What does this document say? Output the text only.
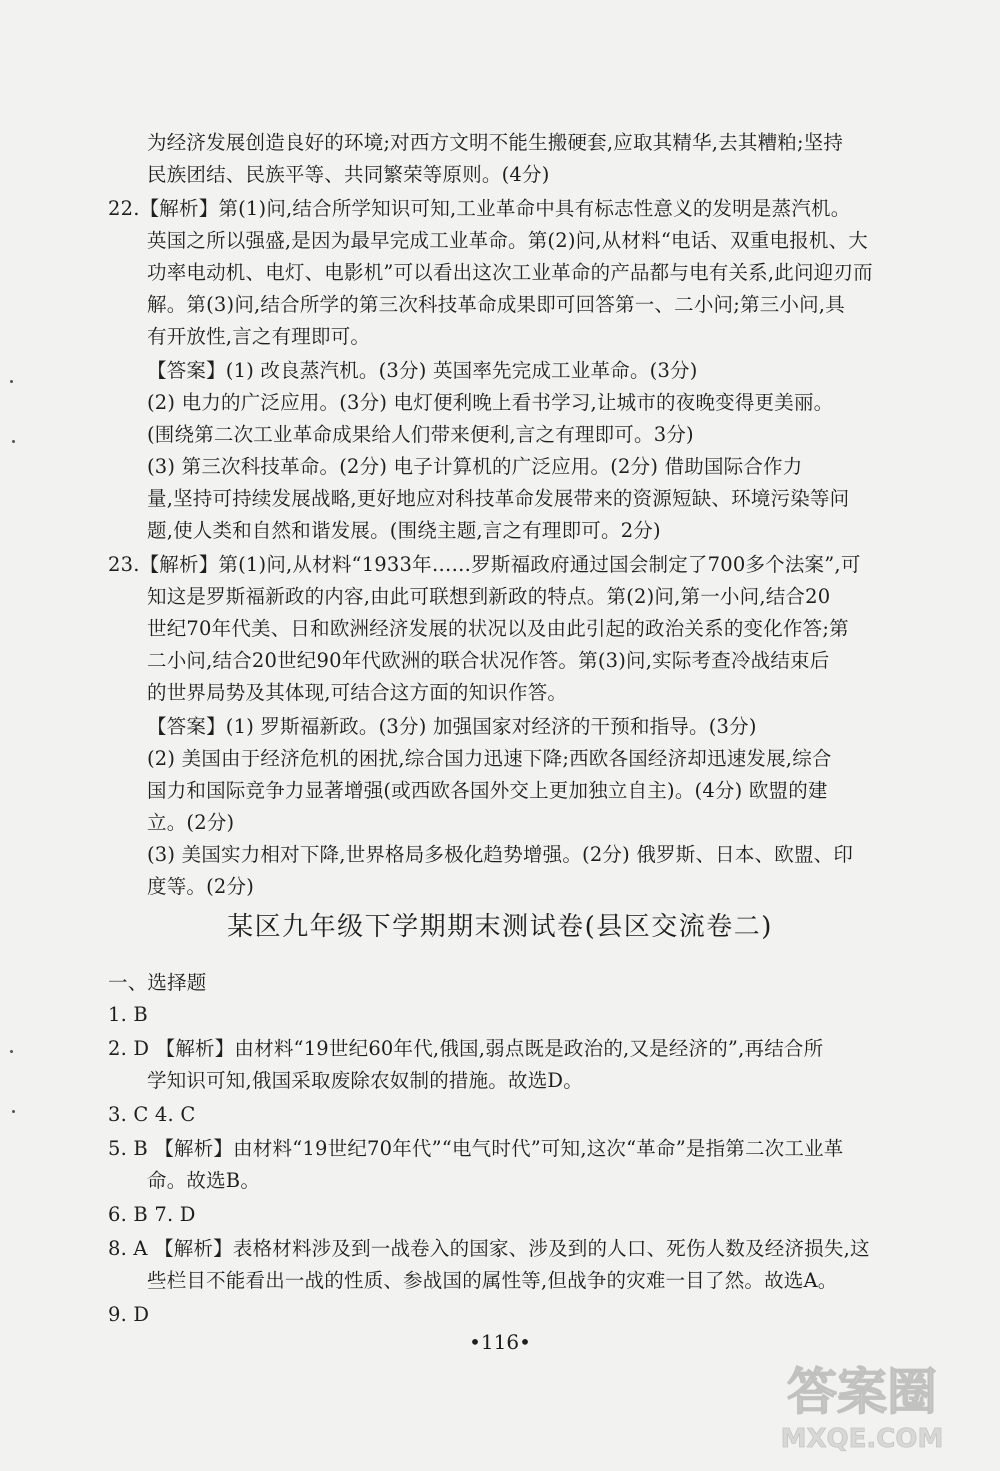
为经济发展创造良好的环境;对西方文明不能生搬硬套,应取其精华,去其糟粕;坚持
民族团结、民族平等、共同繁荣等原则。(4分)
22.【解析】第(1)问,结合所学知识可知,工业革命中具有标志性意义的发明是蒸汽机。
英国之所以强盛,是因为最早完成工业革命。第(2)问,从材料“电话、双重电报机、大
功率电动机、电灯、电影机”可以看出这次工业革命的产品都与电有关系,此问迎刃而
解。第(3)问,结合所学的第三次科技革命成果即可回答第一、二小问;第三小问,具
有开放性,言之有理即可。
【答案】(1) 改良蒸汽机。(3分) 英国率先完成工业革命。(3分)
(2) 电力的广泛应用。(3分) 电灯便利晚上看书学习,让城市的夜晚变得更美丽。
(围绕第二次工业革命成果给人们带来便利,言之有理即可。3分)
(3) 第三次科技革命。(2分) 电子计算机的广泛应用。(2分) 借助国际合作力
量,坚持可持续发展战略,更好地应对科技革命发展带来的资源短缺、环境污染等问
题,使人类和自然和谐发展。(围绕主题,言之有理即可。2分)
23.【解析】第(1)问,从材料“1933年……罗斯福政府通过国会制定了700多个法案”,可
知这是罗斯福新政的内容,由此可联想到新政的特点。第(2)问,第一小问,结合20
世纪70年代美、日和欧洲经济发展的状况以及由此引起的政治关系的变化作答;第
二小问,结合20世纪90年代欧洲的联合状况作答。第(3)问,实际考查冷战结束后
的世界局势及其体现,可结合这方面的知识作答。
【答案】(1) 罗斯福新政。(3分) 加强国家对经济的干预和指导。(3分)
(2) 美国由于经济危机的困扰,综合国力迅速下降;西欧各国经济却迅速发展,综合
国力和国际竞争力显著增强(或西欧各国外交上更加独立自主)。(4分) 欧盟的建
立。(2分)
(3) 美国实力相对下降,世界格局多极化趋势增强。(2分) 俄罗斯、日本、欧盟、印
度等。(2分)
某区九年级下学期期末测试卷(县区交流卷二)
一、选择题
1. B
2. D 【解析】由材料“19世纪60年代,俄国,弱点既是政治的,又是经济的”,再结合所
学知识可知,俄国采取废除农奴制的措施。故选D。
3. C 4. C
5. B 【解析】由材料“19世纪70年代”“电气时代”可知,这次“革命”是指第二次工业革
命。故选B。
6. B 7. D
8. A 【解析】表格材料涉及到一战卷入的国家、涉及到的人口、死伤人数及经济损失,这
些栏目不能看出一战的性质、参战国的属性等,但战争的灾难一目了然。故选A。
9. D
•116•
答案圈
MXQE.COM
